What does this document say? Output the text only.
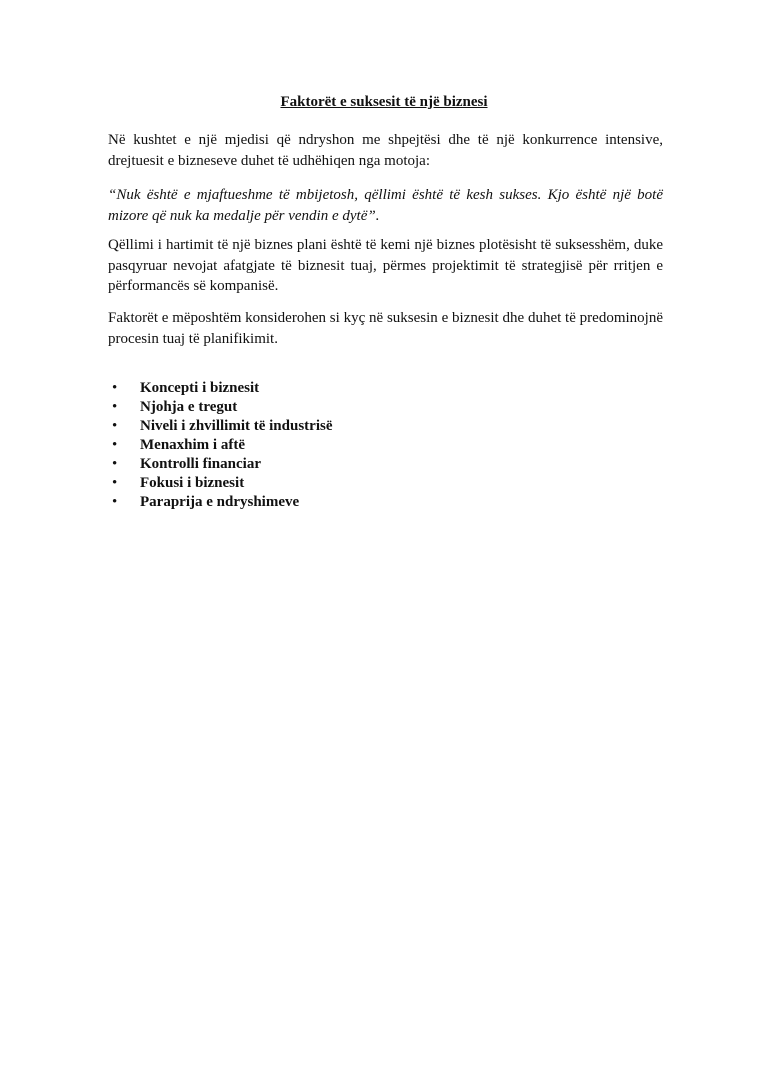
Faktorët e suksesit të një biznesi

Në kushtet e një mjedisi që ndryshon me shpejtësi dhe të një konkurrence intensive, drejtuesit e bizneseve duhet të udhëhiqen nga motoja:

“Nuk është e mjaftueshme të mbijetosh, qëllimi është të kesh sukses. Kjo është një botë mizore që nuk ka medalje për vendin e dytë”.

Qëllimi i hartimit të një biznes plani është të kemi një biznes plotësisht të suksesshëm, duke pasqyruar nevojat afatgjate të biznesit tuaj, përmes projektimit të strategjisë për rritjen e përformancës së kompanisë.

Faktorët e mëposhtëm konsiderohen si kyç në suksesin e biznesit dhe duhet të predominojnë procesin tuaj të planifikimit.

• Koncepti i biznesit
• Njohja e tregut
• Niveli i zhvillimit të industrisë
• Menaxhim i aftë
• Kontrolli financiar
• Fokusi i biznesit
• Paraprija e ndryshimeve
